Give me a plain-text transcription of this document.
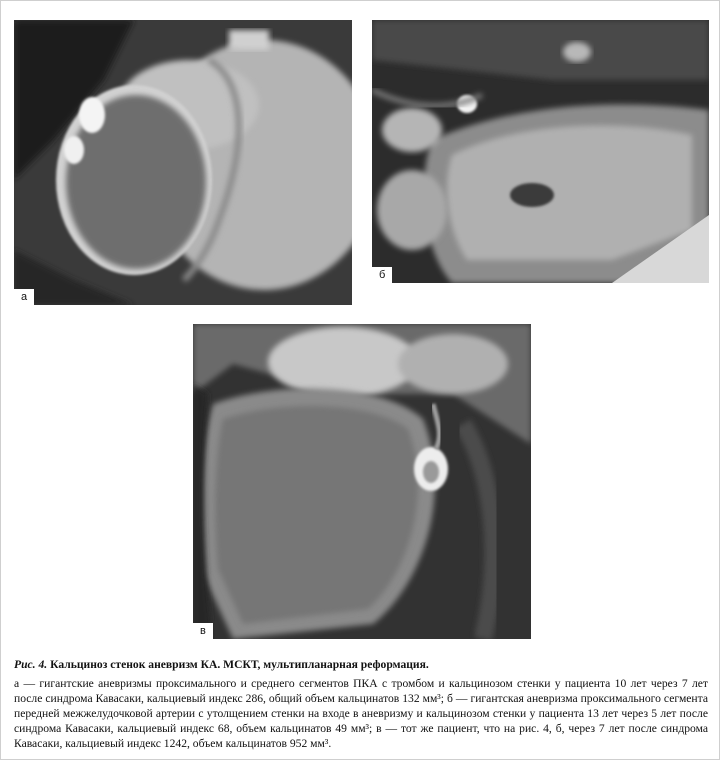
а
б
в

Рис. 4. Кальциноз стенок аневризм КА. МСКТ, мультипланарная реформация.

а — гигантские аневризмы проксимального и среднего сегментов ПКА с тромбом и кальцинозом стенки у пациента 10 лет через 7 лет после синдрома Кавасаки, кальциевый индекс 286, общий объем кальцинатов 132 мм³; б — гигантская аневризма проксимального сегмента передней межжелудочковой артерии с утолщением стенки на входе в аневризму и кальцинозом стенки у пациента 13 лет через 5 лет после синдрома Кавасаки, кальциевый индекс 68, объем кальцинатов 49 мм³; в — тот же пациент, что на рис. 4, б, через 7 лет после синдрома Кавасаки, кальциевый индекс 1242, объем кальцинатов 952 мм³.
